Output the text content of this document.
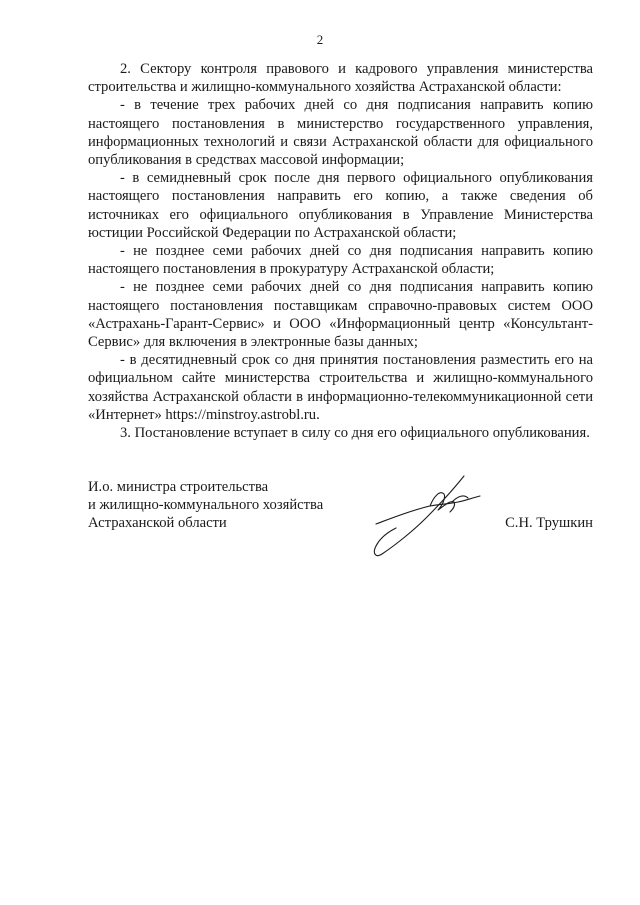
2

2. Сектору контроля правового и кадрового управления министерства строительства и жилищно-коммунального хозяйства Астраханской области:

- в течение трех рабочих дней со дня подписания направить копию настоящего постановления в министерство государственного управления, информационных технологий и связи Астраханской области для официального опубликования в средствах массовой информации;

- в семидневный срок после дня первого официального опубликования настоящего постановления направить его копию, а также сведения об источниках его официального опубликования в Управление Министерства юстиции Российской Федерации по Астраханской области;

- не позднее семи рабочих дней со дня подписания направить копию настоящего постановления в прокуратуру Астраханской области;

- не позднее семи рабочих дней со дня подписания направить копию настоящего постановления поставщикам справочно-правовых систем ООО «Астрахань-Гарант-Сервис» и ООО «Информационный центр «Консультант-Сервис» для включения в электронные базы данных;

- в десятидневный срок со дня принятия постановления разместить его на официальном сайте министерства строительства и жилищно-коммунального хозяйства Астраханской области в информационно-телекоммуникационной сети «Интернет» https://minstroy.astrobl.ru.

3. Постановление вступает в силу со дня его официального опубликования.

И.о. министра строительства
и жилищно-коммунального хозяйства
Астраханской области	С.Н. Трушкин
